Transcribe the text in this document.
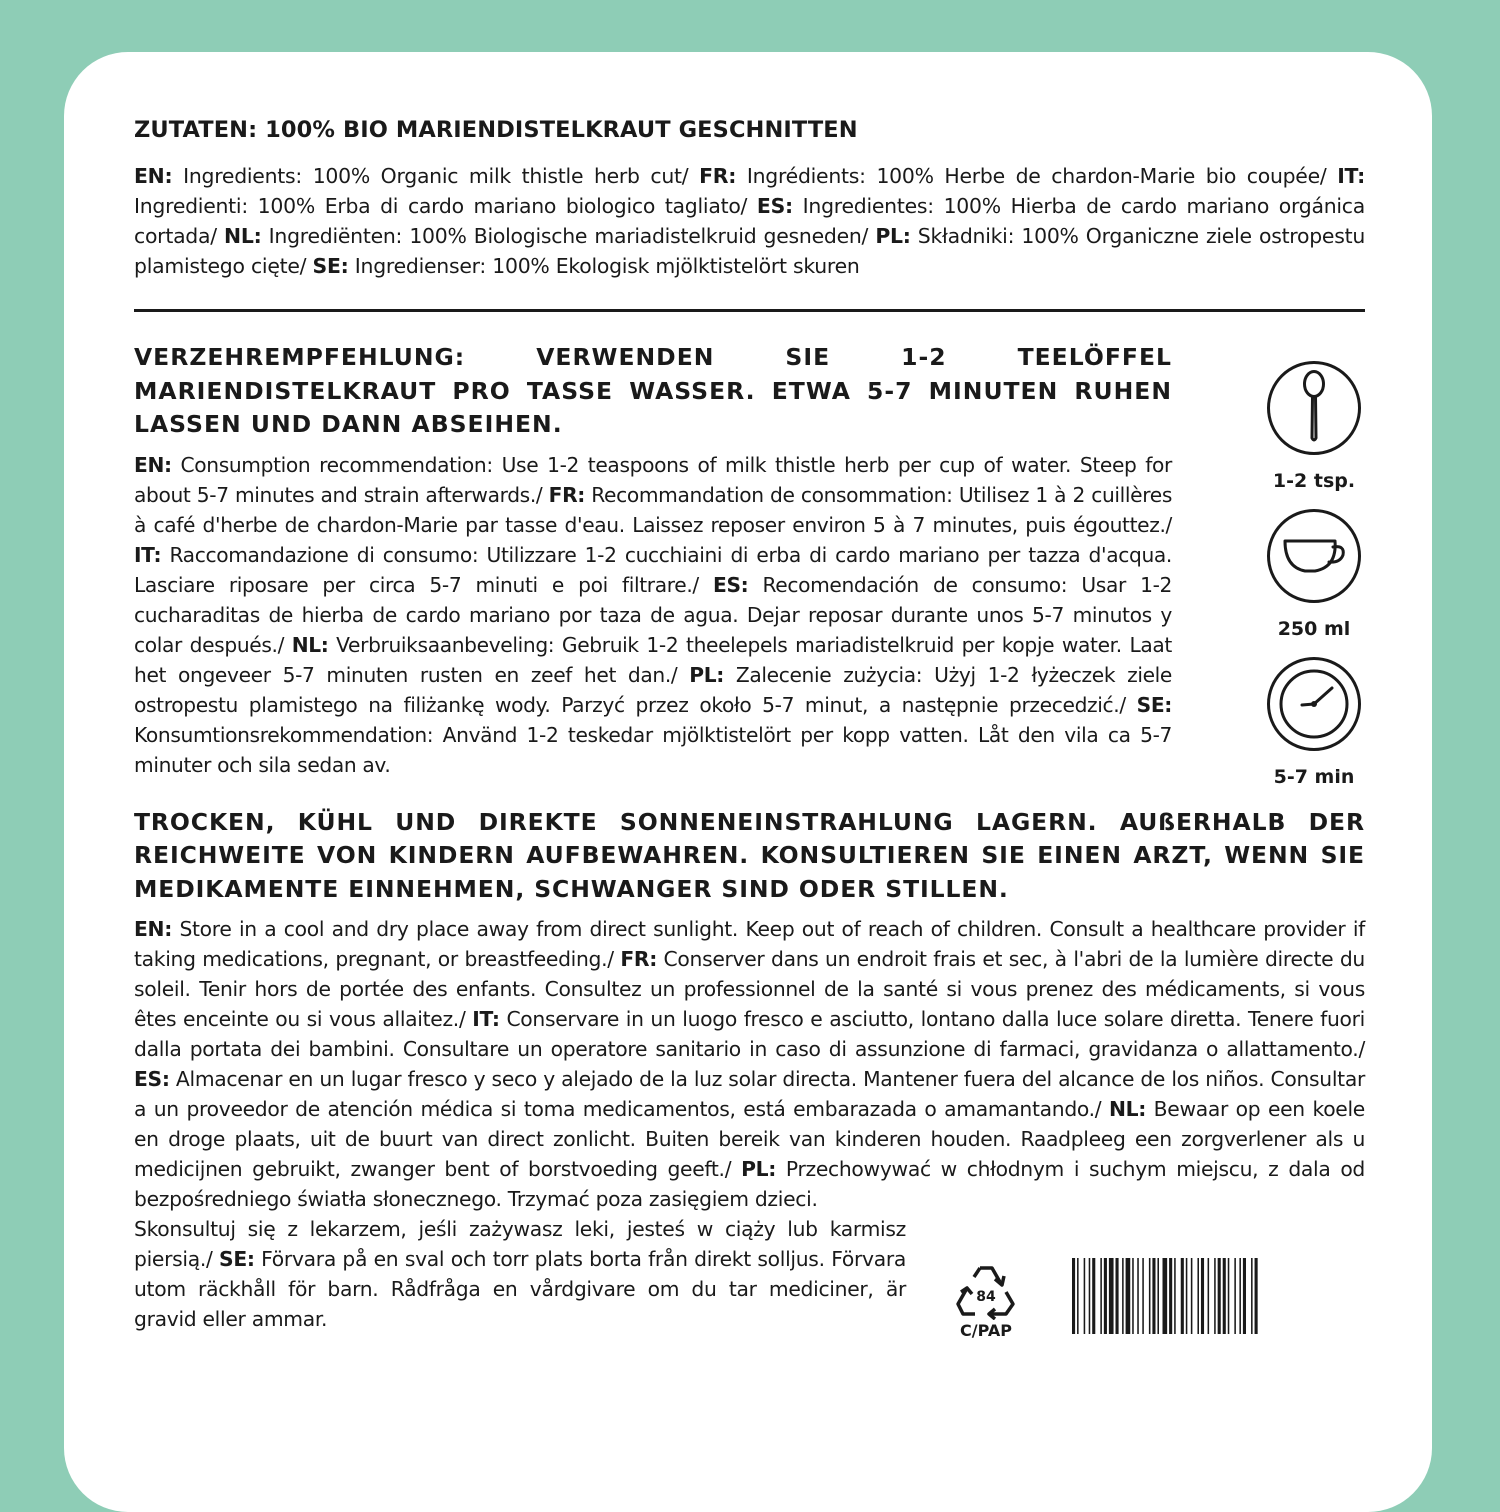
ZUTATEN: 100% BIO MARIENDISTELKRAUT GESCHNITTEN

EN: Ingredients: 100% Organic milk thistle herb cut/ FR: Ingrédients: 100% Herbe de chardon-Marie bio coupée/ IT: Ingredienti: 100% Erba di cardo mariano biologico tagliato/ ES: Ingredientes: 100% Hierba de cardo mariano orgánica cortada/ NL: Ingrediënten: 100% Biologische mariadistelkruid gesneden/ PL: Składniki: 100% Organiczne ziele ostropestu plamistego cięte/ SE: Ingredienser: 100% Ekologisk mjölktistelört skuren

VERZEHREMPFEHLUNG: VERWENDEN SIE 1-2 TEELÖFFEL MARIENDISTELKRAUT PRO TASSE WASSER. ETWA 5-7 MINUTEN RUHEN LASSEN UND DANN ABSEIHEN.

EN: Consumption recommendation: Use 1-2 teaspoons of milk thistle herb per cup of water. Steep for about 5-7 minutes and strain afterwards./ FR: Recommandation de consommation: Utilisez 1 à 2 cuillères à café d'herbe de chardon-Marie par tasse d'eau. Laissez reposer environ 5 à 7 minutes, puis égouttez./ IT: Raccomandazione di consumo: Utilizzare 1-2 cucchiaini di erba di cardo mariano per tazza d'acqua. Lasciare riposare per circa 5-7 minuti e poi filtrare./ ES: Recomendación de consumo: Usar 1-2 cucharaditas de hierba de cardo mariano por taza de agua. Dejar reposar durante unos 5-7 minutos y colar después./ NL: Verbruiksaanbeveling: Gebruik 1-2 theelepels mariadistelkruid per kopje water. Laat het ongeveer 5-7 minuten rusten en zeef het dan./ PL: Zalecenie zużycia: Użyj 1-2 łyżeczek ziele ostropestu plamistego na filiżankę wody. Parzyć przez około 5-7 minut, a następnie przecedzić./ SE: Konsumtionsrekommendation: Använd 1-2 teskedar mjölktistelört per kopp vatten. Låt den vila ca 5-7 minuter och sila sedan av.

1-2 tsp.
250 ml
5-7 min

TROCKEN, KÜHL UND DIREKTE SONNENEINSTRAHLUNG LAGERN. AUßERHALB DER REICHWEITE VON KINDERN AUFBEWAHREN. KONSULTIEREN SIE EINEN ARZT, WENN SIE MEDIKAMENTE EINNEHMEN, SCHWANGER SIND ODER STILLEN.

EN: Store in a cool and dry place away from direct sunlight. Keep out of reach of children. Consult a healthcare provider if taking medications, pregnant, or breastfeeding./ FR: Conserver dans un endroit frais et sec, à l'abri de la lumière directe du soleil. Tenir hors de portée des enfants. Consultez un professionnel de la santé si vous prenez des médicaments, si vous êtes enceinte ou si vous allaitez./ IT: Conservare in un luogo fresco e asciutto, lontano dalla luce solare diretta. Tenere fuori dalla portata dei bambini. Consultare un operatore sanitario in caso di assunzione di farmaci, gravidanza o allattamento./ ES: Almacenar en un lugar fresco y seco y alejado de la luz solar directa. Mantener fuera del alcance de los niños. Consultar a un proveedor de atención médica si toma medicamentos, está embarazada o amamantando./ NL: Bewaar op een koele en droge plaats, uit de buurt van direct zonlicht. Buiten bereik van kinderen houden. Raadpleeg een zorgverlener als u medicijnen gebruikt, zwanger bent of borstvoeding geeft./ PL: Przechowywać w chłodnym i suchym miejscu, z dala od bezpośredniego światła słonecznego. Trzymać poza zasięgiem dzieci.

Skonsultuj się z lekarzem, jeśli zażywasz leki, jesteś w ciąży lub karmisz piersią./ SE: Förvara på en sval och torr plats borta från direkt solljus. Förvara utom räckhåll för barn. Rådfråga en vårdgivare om du tar mediciner, är gravid eller ammar.

84
C/PAP
